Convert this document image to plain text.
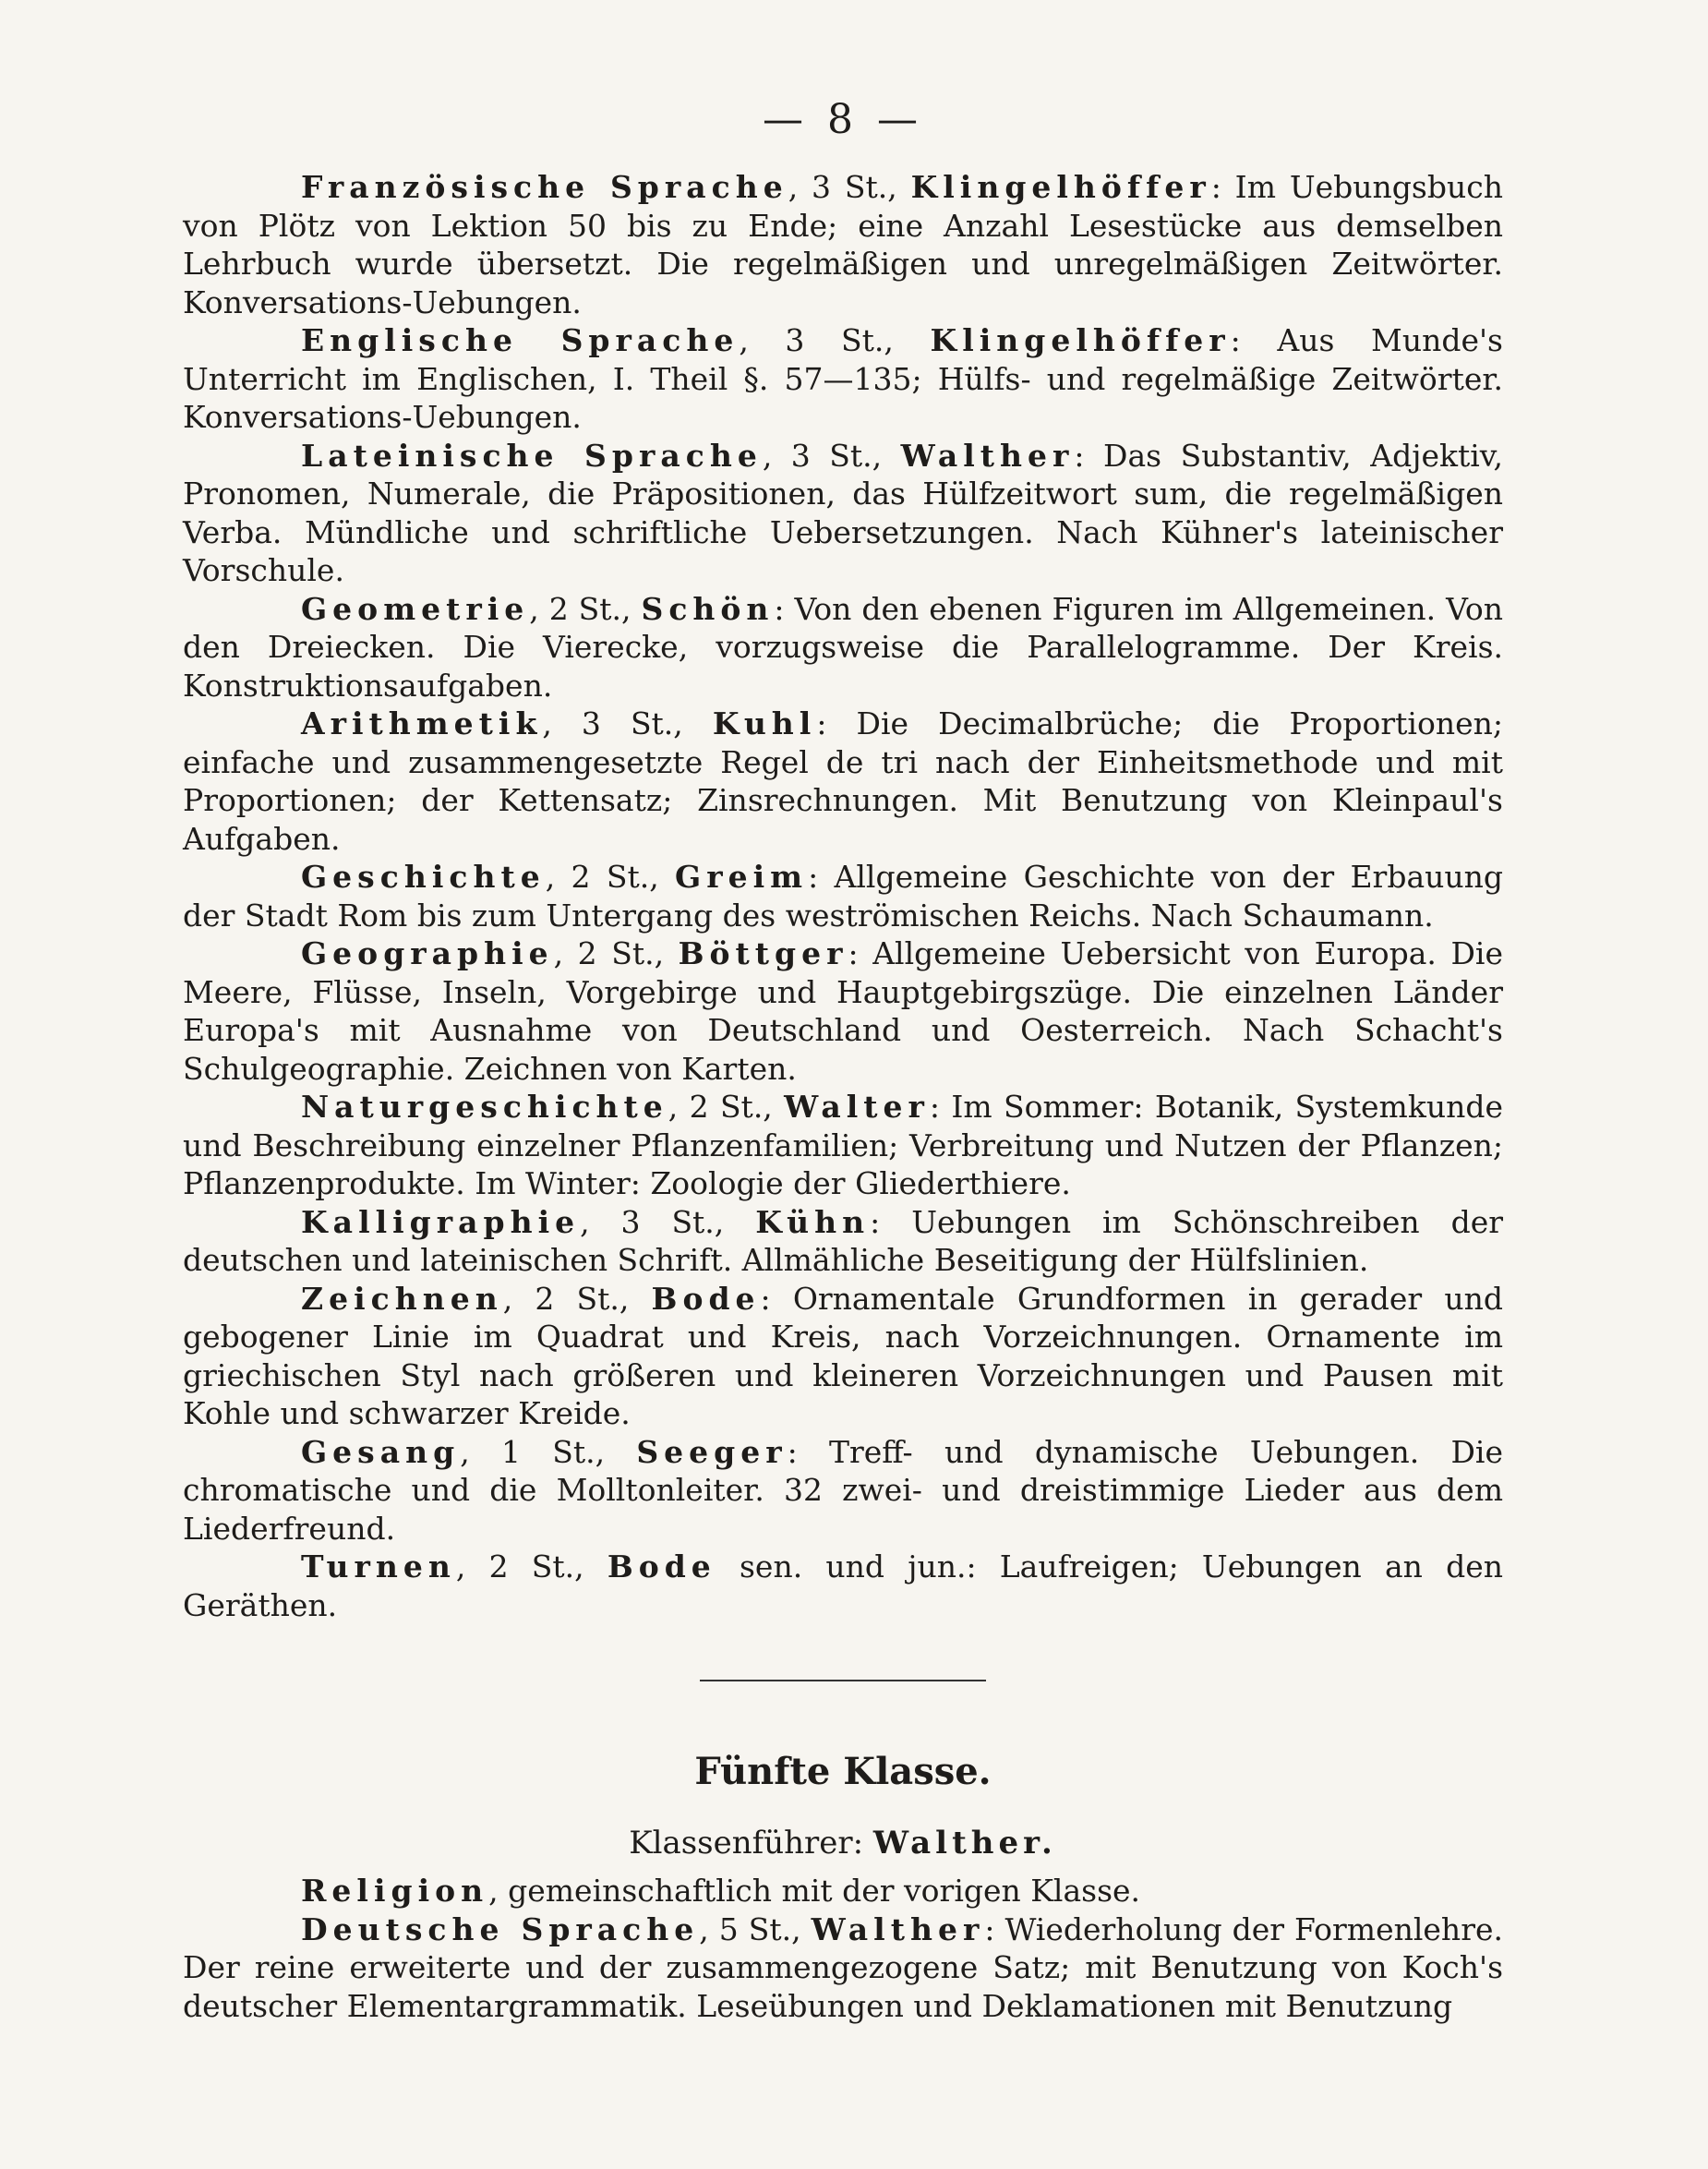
— 8 —

Französische Sprache, 3 St., Klingelhöffer: Im Uebungsbuch von Plötz von Lektion 50 bis zu Ende; eine Anzahl Lesestücke aus demselben Lehrbuch wurde übersetzt. Die regelmäßigen und unregelmäßigen Zeitwörter. Konversations-Uebungen.

Englische Sprache, 3 St., Klingelhöffer: Aus Munde's Unterricht im Englischen, I. Theil §. 57—135; Hülfs- und regelmäßige Zeitwörter. Konversations-Uebungen.

Lateinische Sprache, 3 St., Walther: Das Substantiv, Adjektiv, Pronomen, Numerale, die Präpositionen, das Hülfzeitwort sum, die regelmäßigen Verba. Mündliche und schriftliche Uebersetzungen. Nach Kühner's lateinischer Vorschule.

Geometrie, 2 St., Schön: Von den ebenen Figuren im Allgemeinen. Von den Dreiecken. Die Vierecke, vorzugsweise die Parallelogramme. Der Kreis. Konstruktionsaufgaben.

Arithmetik, 3 St., Kuhl: Die Decimalbrüche; die Proportionen; einfache und zusammengesetzte Regel de tri nach der Einheitsmethode und mit Proportionen; der Kettensatz; Zinsrechnungen. Mit Benutzung von Kleinpaul's Aufgaben.

Geschichte, 2 St., Greim: Allgemeine Geschichte von der Erbauung der Stadt Rom bis zum Untergang des weströmischen Reichs. Nach Schaumann.

Geographie, 2 St., Böttger: Allgemeine Uebersicht von Europa. Die Meere, Flüsse, Inseln, Vorgebirge und Hauptgebirgszüge. Die einzelnen Länder Europa's mit Ausnahme von Deutschland und Oesterreich. Nach Schacht's Schulgeographie. Zeichnen von Karten.

Naturgeschichte, 2 St., Walter: Im Sommer: Botanik, Systemkunde und Beschreibung einzelner Pflanzenfamilien; Verbreitung und Nutzen der Pflanzen; Pflanzenprodukte. Im Winter: Zoologie der Gliederthiere.

Kalligraphie, 3 St., Kühn: Uebungen im Schönschreiben der deutschen und lateinischen Schrift. Allmähliche Beseitigung der Hülfslinien.

Zeichnen, 2 St., Bode: Ornamentale Grundformen in gerader und gebogener Linie im Quadrat und Kreis, nach Vorzeichnungen. Ornamente im griechischen Styl nach größeren und kleineren Vorzeichnungen und Pausen mit Kohle und schwarzer Kreide.

Gesang, 1 St., Seeger: Treff- und dynamische Uebungen. Die chromatische und die Molltonleiter. 32 zwei- und dreistimmige Lieder aus dem Liederfreund.

Turnen, 2 St., Bode sen. und jun.: Laufreigen; Uebungen an den Geräthen.

Fünfte Klasse.
Klassenführer: Walther.

Religion, gemeinschaftlich mit der vorigen Klasse.

Deutsche Sprache, 5 St., Walther: Wiederholung der Formenlehre. Der reine erweiterte und der zusammengezogene Satz; mit Benutzung von Koch's deutscher Elementargrammatik. Leseübungen und Deklamationen mit Benutzung
